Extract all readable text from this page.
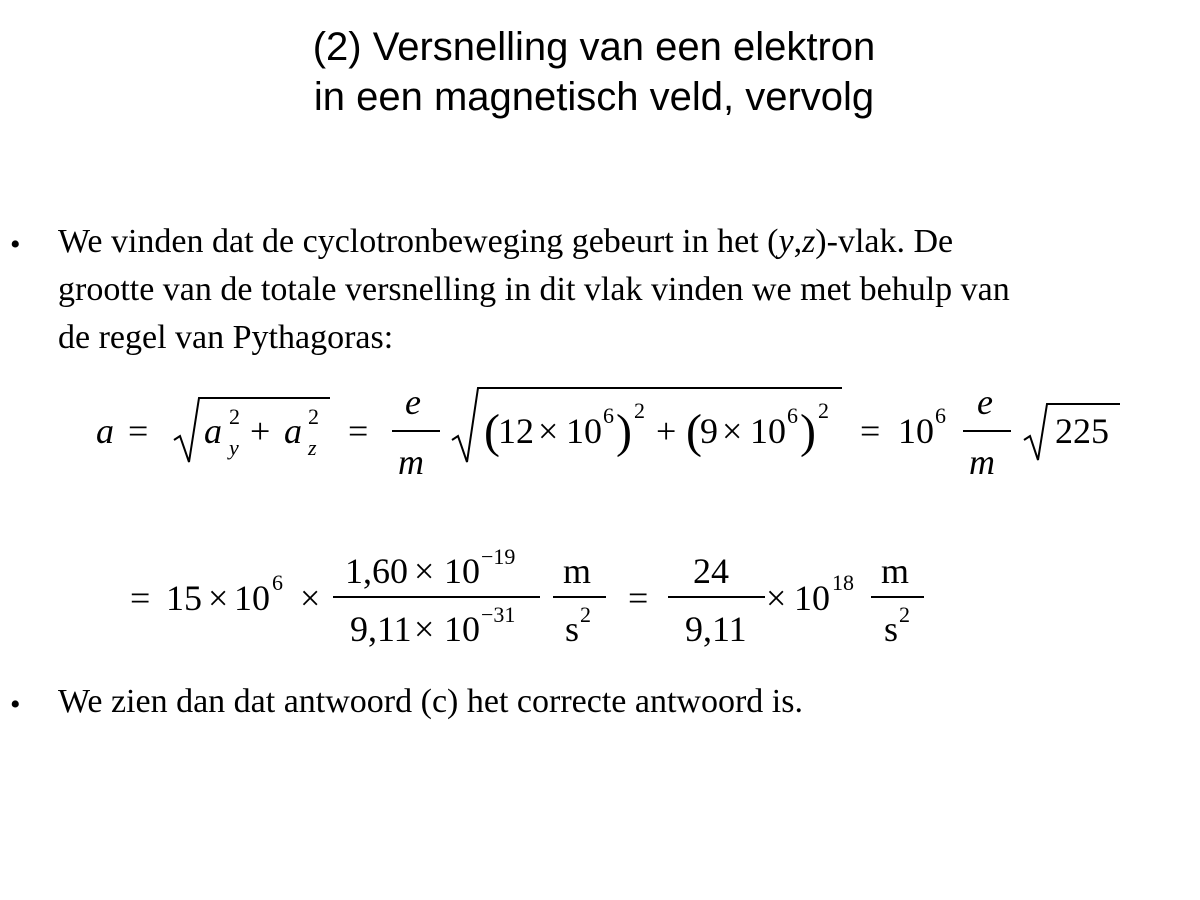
(2) Versnelling van een elektron
in een magnetisch veld, vervolg
• We vinden dat de cyclotronbeweging gebeurt in het (y,z)-vlak. De
grootte van de totale versnelling in dit vlak vinden we met behulp van
de regel van Pythagoras:
a = a 2
y + a 2
z =
e
m
(
12 × 10 6 ) 2
+ (
9 × 10 6 ) 2
= 10 6 e
m
225
= 15 × 10 6 ×
1,60 × 10 −19
9,11 × 10 −31
m
s 2 =
24
9,11
× 10 18 m
s 2
• We zien dan dat antwoord (c) het correcte antwoord is.
